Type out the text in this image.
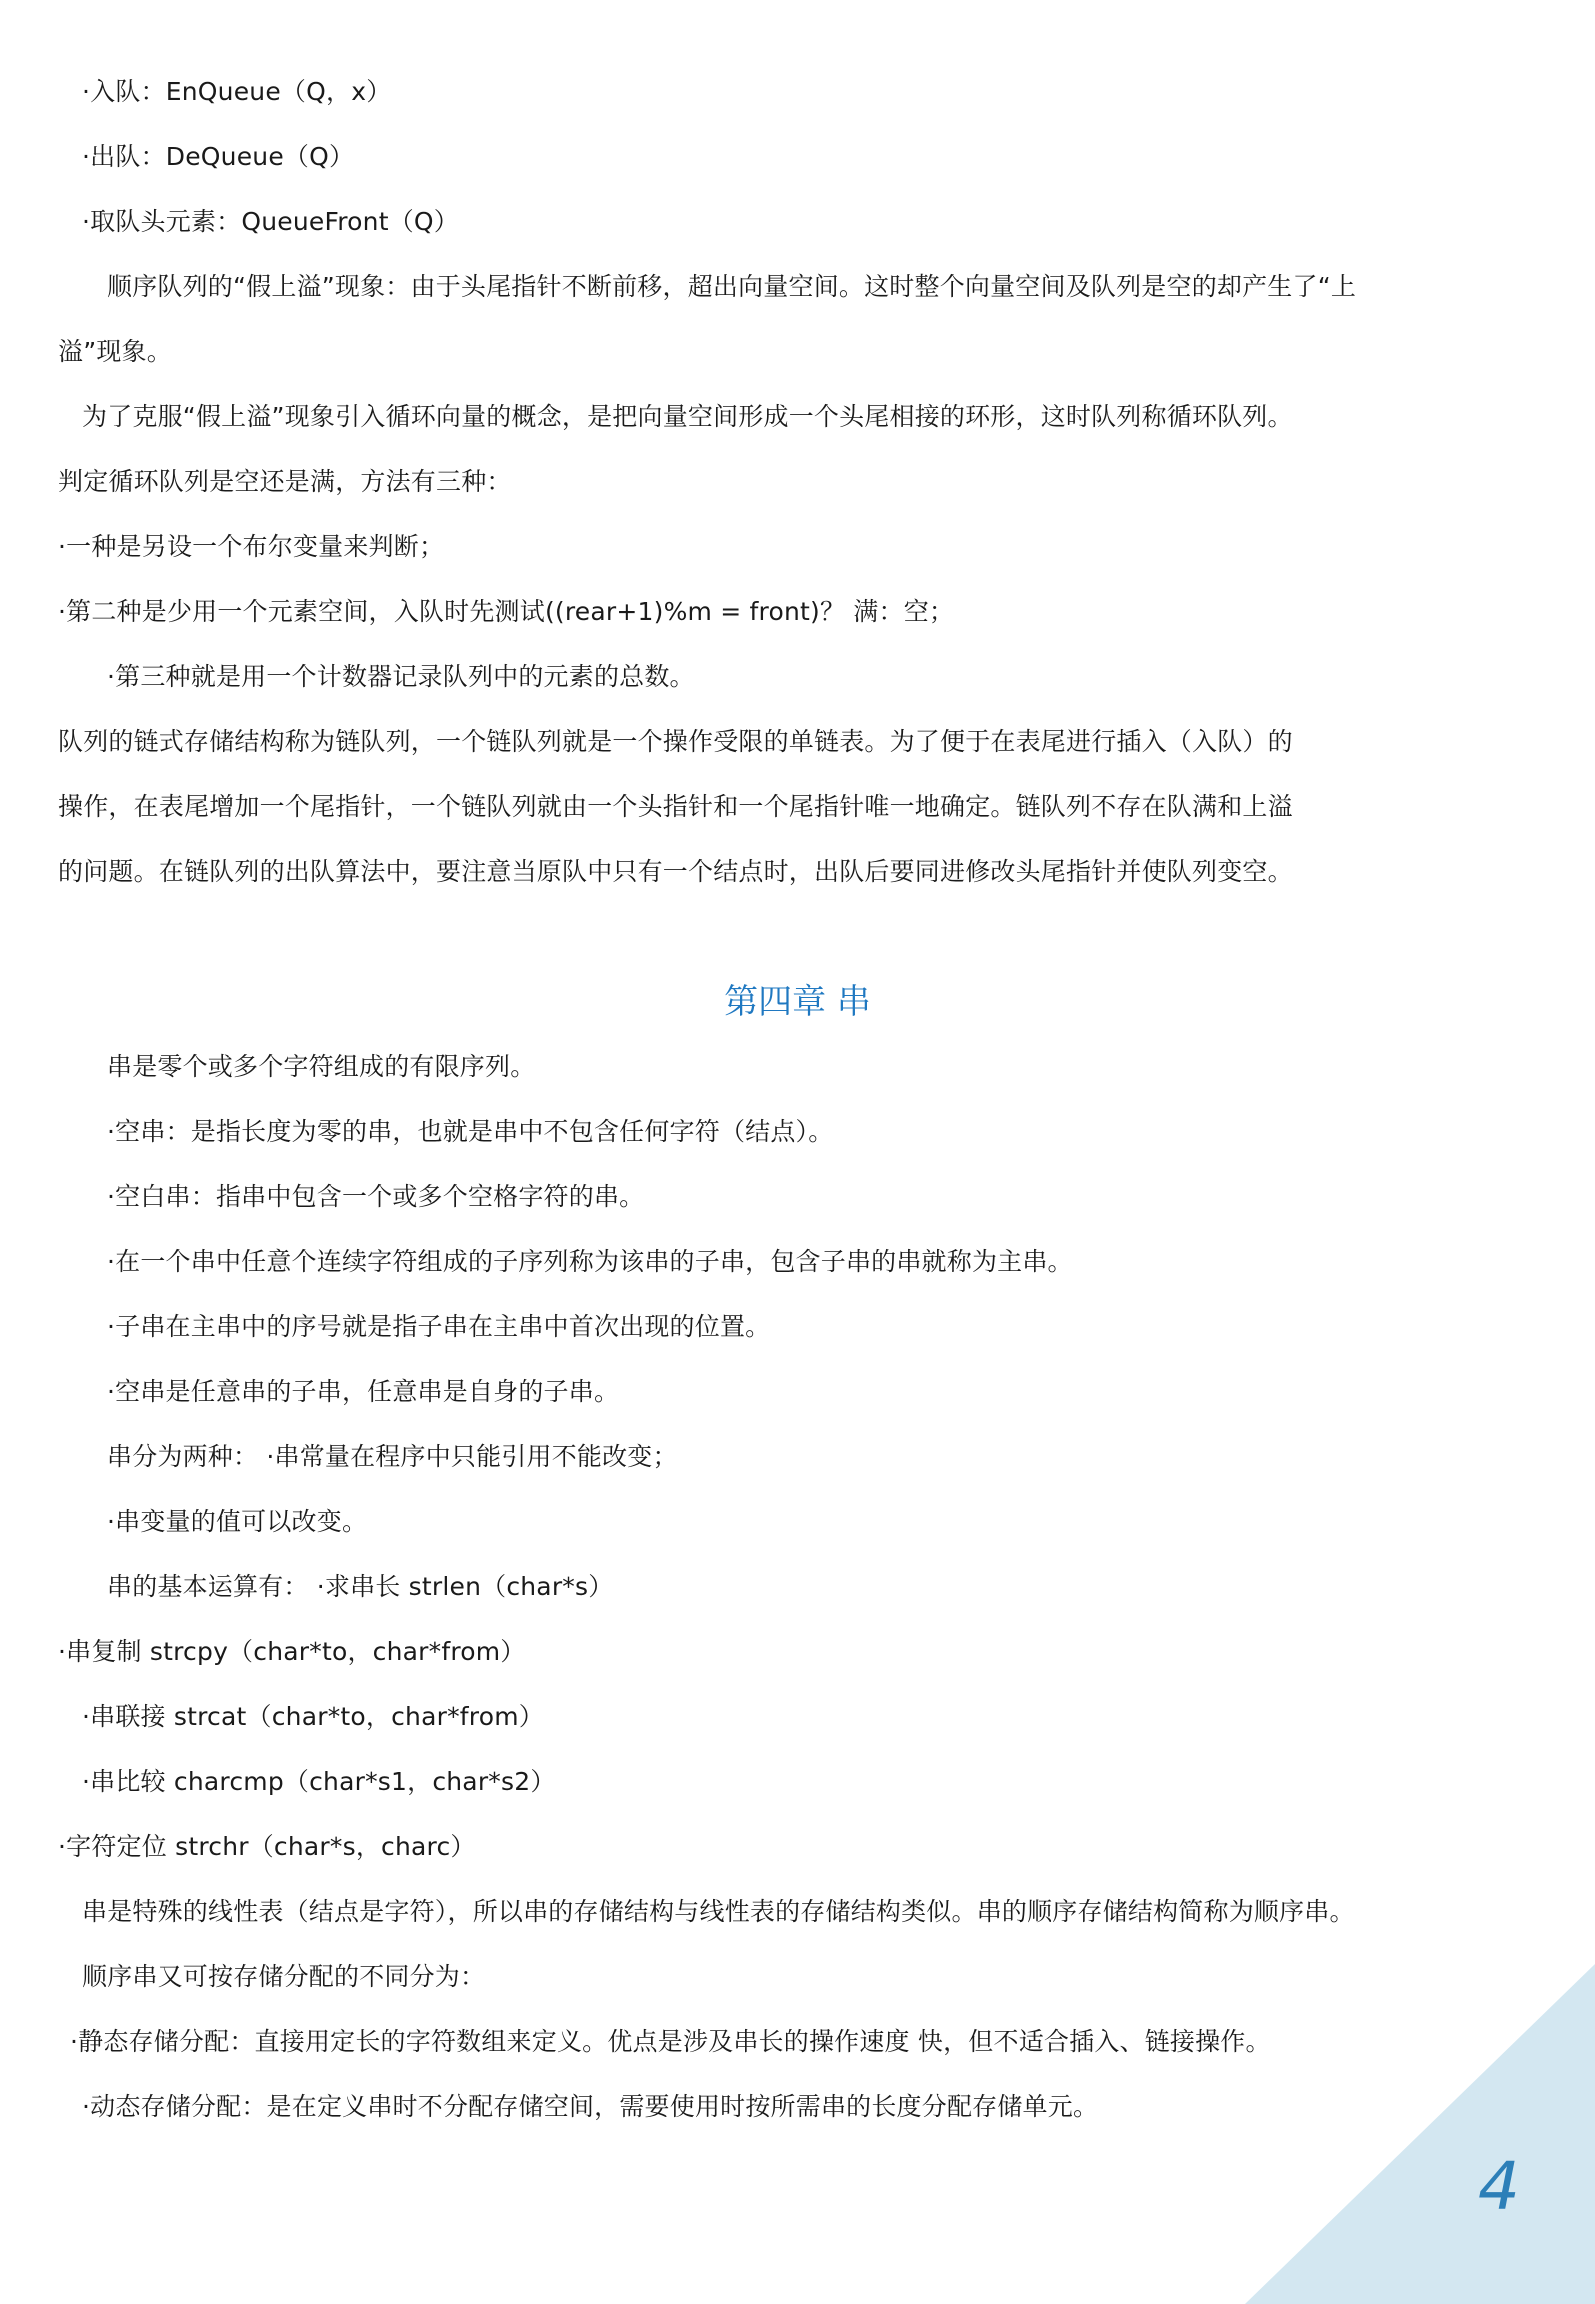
·入队：EnQueue（Q，x）
·出队：DeQueue（Q）
·取队头元素：QueueFront（Q）
顺序队列的“假上溢”现象：由于头尾指针不断前移，超出向量空间。这时整个向量空间及队列是空的却产生了“上
溢”现象。
为了克服“假上溢”现象引入循环向量的概念，是把向量空间形成一个头尾相接的环形，这时队列称循环队列。
判定循环队列是空还是满，方法有三种：
·一种是另设一个布尔变量来判断；
·第二种是少用一个元素空间，入队时先测试((rear+1)%m = front)？ 满：空；
·第三种就是用一个计数器记录队列中的元素的总数。
队列的链式存储结构称为链队列，一个链队列就是一个操作受限的单链表。为了便于在表尾进行插入（入队）的
操作，在表尾增加一个尾指针，一个链队列就由一个头指针和一个尾指针唯一地确定。链队列不存在队满和上溢
的问题。在链队列的出队算法中，要注意当原队中只有一个结点时，出队后要同进修改头尾指针并使队列变空。
第四章 串
串是零个或多个字符组成的有限序列。
·空串：是指长度为零的串，也就是串中不包含任何字符（结点）。
·空白串：指串中包含一个或多个空格字符的串。
·在一个串中任意个连续字符组成的子序列称为该串的子串，包含子串的串就称为主串。
·子串在主串中的序号就是指子串在主串中首次出现的位置。
·空串是任意串的子串，任意串是自身的子串。
串分为两种： ·串常量在程序中只能引用不能改变；
·串变量的值可以改变。
串的基本运算有： ·求串长 strlen（char*s）
·串复制 strcpy（char*to，char*from）
·串联接 strcat（char*to，char*from）
·串比较 charcmp（char*s1，char*s2）
·字符定位 strchr（char*s，charc）
串是特殊的线性表（结点是字符），所以串的存储结构与线性表的存储结构类似。串的顺序存储结构简称为顺序串。
顺序串又可按存储分配的不同分为：
·静态存储分配：直接用定长的字符数组来定义。优点是涉及串长的操作速度 快，但不适合插入、链接操作。
·动态存储分配：是在定义串时不分配存储空间，需要使用时按所需串的长度分配存储单元。
4
